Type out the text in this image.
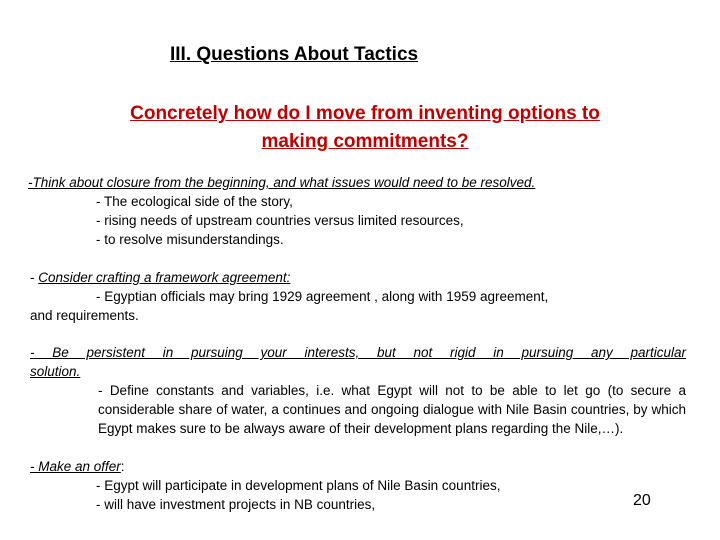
III. Questions About Tactics
Concretely how do I move from inventing options to
making commitments?
-Think about closure from the beginning, and what issues would need to be resolved.
- The ecological side of the story,
- rising needs of upstream countries versus limited resources,
- to resolve misunderstandings.
- Consider crafting a framework agreement:
- Egyptian officials may bring 1929 agreement , along with 1959 agreement,
and requirements.
- Be persistent in pursuing your interests, but not rigid in pursuing any particular
solution.
- Define constants and variables, i.e. what Egypt will not to be able to let go (to secure a considerable share of water, a continues and ongoing dialogue with Nile Basin countries, by which Egypt makes sure to be always aware of their development plans regarding the Nile,…).
- Make an offer:
- Egypt will participate in development plans of Nile Basin countries,
- will have investment projects in NB countries,	20
